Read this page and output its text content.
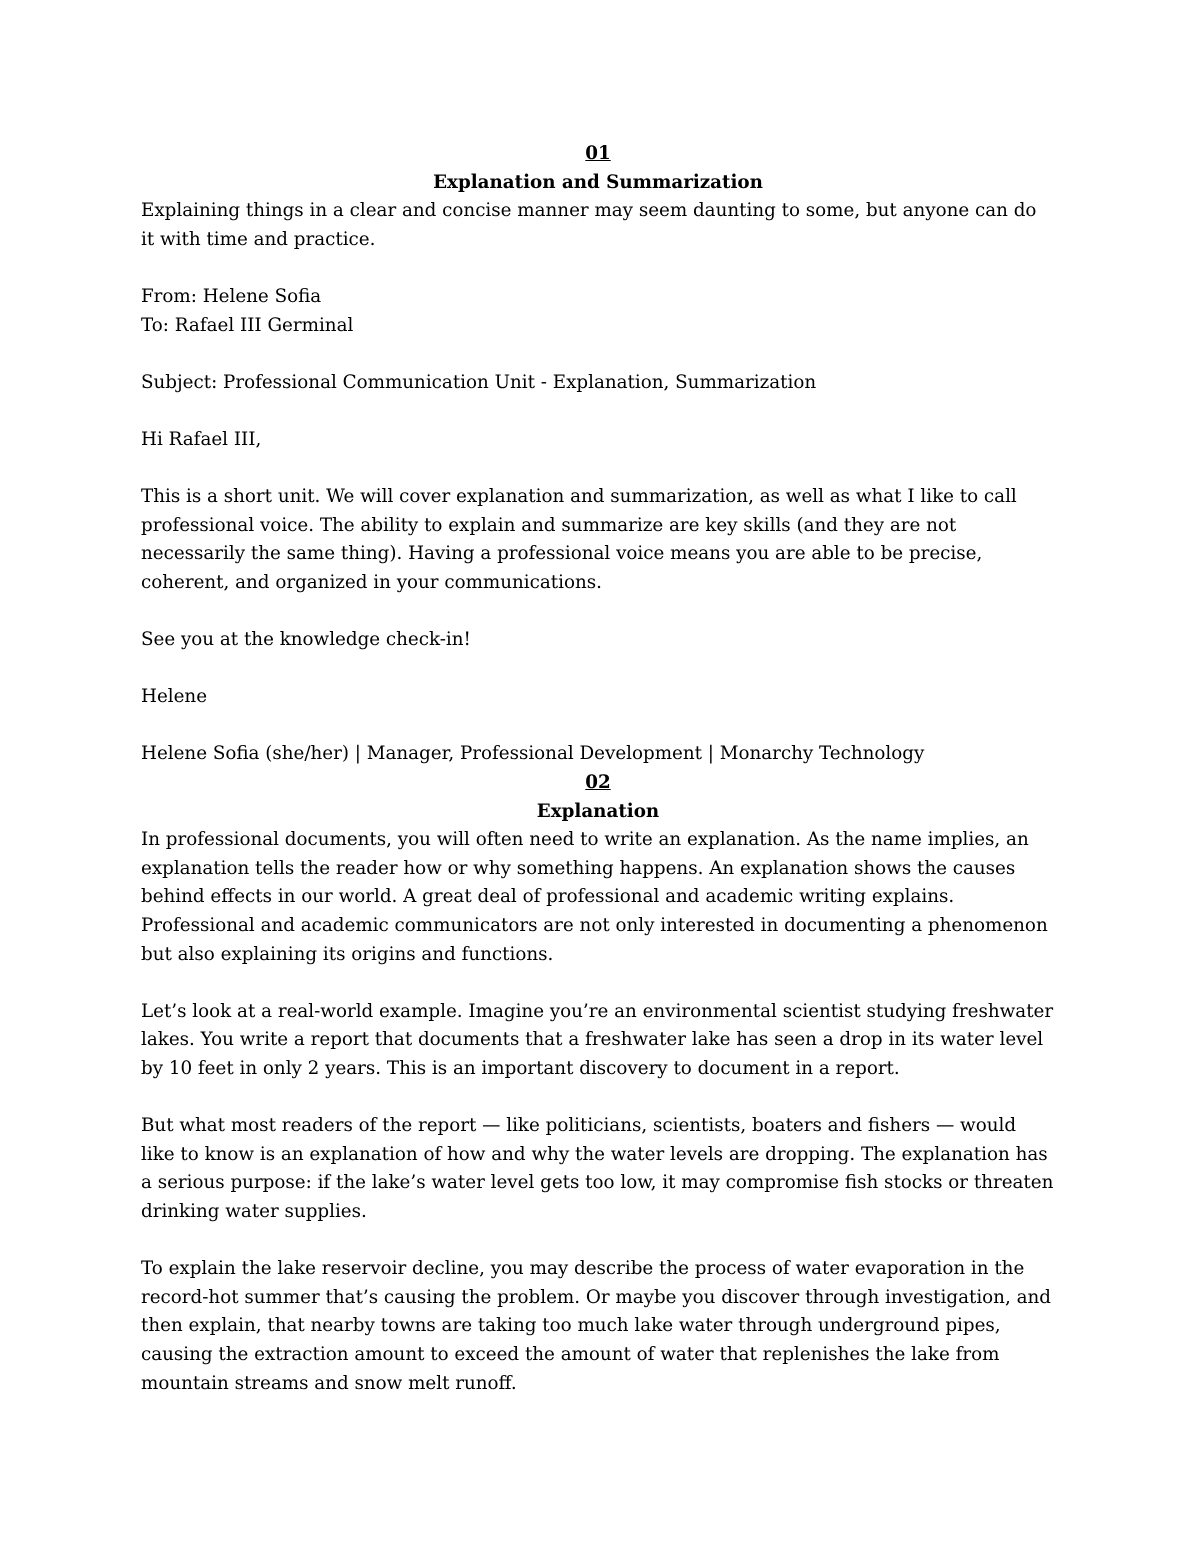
01
Explanation and Summarization

Explaining things in a clear and concise manner may seem daunting to some, but anyone can do it with time and practice.

From: Helene Sofia

To: Rafael III Germinal

Subject: Professional Communication Unit - Explanation, Summarization

Hi Rafael III,

This is a short unit. We will cover explanation and summarization, as well as what I like to call professional voice. The ability to explain and summarize are key skills (and they are not necessarily the same thing). Having a professional voice means you are able to be precise, coherent, and organized in your communications.

See you at the knowledge check-in!

Helene

Helene Sofia (she/her) | Manager, Professional Development | Monarchy Technology

02
Explanation

In professional documents, you will often need to write an explanation. As the name implies, an explanation tells the reader how or why something happens. An explanation shows the causes behind effects in our world. A great deal of professional and academic writing explains. Professional and academic communicators are not only interested in documenting a phenomenon but also explaining its origins and functions.

Let’s look at a real-world example. Imagine you’re an environmental scientist studying freshwater lakes. You write a report that documents that a freshwater lake has seen a drop in its water level by 10 feet in only 2 years. This is an important discovery to document in a report.

But what most readers of the report — like politicians, scientists, boaters and fishers — would like to know is an explanation of how and why the water levels are dropping. The explanation has a serious purpose: if the lake’s water level gets too low, it may compromise fish stocks or threaten drinking water supplies.

To explain the lake reservoir decline, you may describe the process of water evaporation in the record-hot summer that’s causing the problem. Or maybe you discover through investigation, and then explain, that nearby towns are taking too much lake water through underground pipes, causing the extraction amount to exceed the amount of water that replenishes the lake from mountain streams and snow melt runoff.
